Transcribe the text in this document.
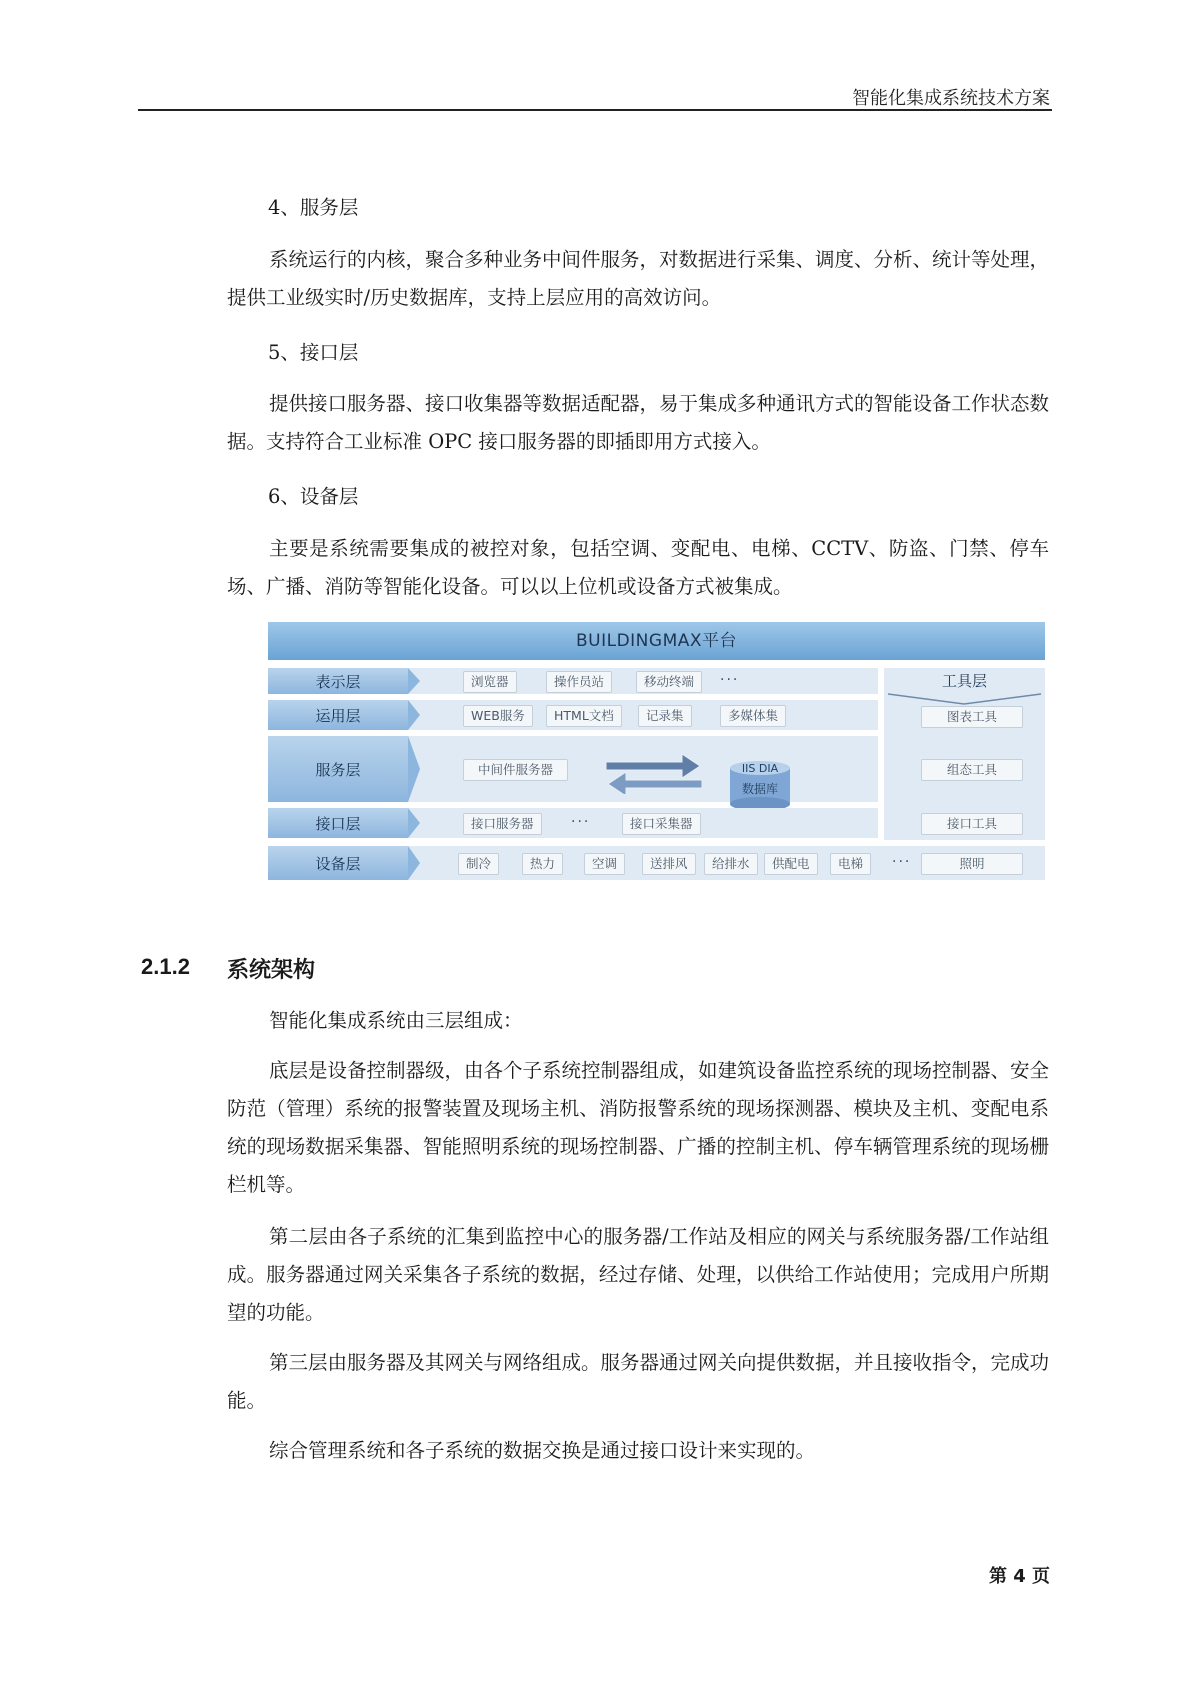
智能化集成系统技术方案
4、服务层

系统运行的内核，聚合多种业务中间件服务，对数据进行采集、调度、分析、统计等处理，提供工业级实时/历史数据库，支持上层应用的高效访问。

5、接口层

提供接口服务器、接口收集器等数据适配器，易于集成多种通讯方式的智能设备工作状态数据。支持符合工业标准 OPC 接口服务器的即插即用方式接入。

6、设备层

主要是系统需要集成的被控对象，包括空调、变配电、电梯、CCTV、防盗、门禁、停车场、广播、消防等智能化设备。可以以上位机或设备方式被集成。

BUILDINGMAX平台
表示层	浏览器	操作员站	移动终端	···
运用层	WEB服务	HTML文档	记录集	多媒体集
服务层	中间件服务器	IIS DIA
数据库
接口层	接口服务器	···	接口采集器
设备层	制冷	热力	空调	送排风	给排水	供配电	电梯	···
工具层
图表工具
组态工具
接口工具
照明
2.1.2 系统架构

智能化集成系统由三层组成：

底层是设备控制器级，由各个子系统控制器组成，如建筑设备监控系统的现场控制器、安全防范（管理）系统的报警装置及现场主机、消防报警系统的现场探测器、模块及主机、变配电系统的现场数据采集器、智能照明系统的现场控制器、广播的控制主机、停车辆管理系统的现场栅栏机等。

第二层由各子系统的汇集到监控中心的服务器/工作站及相应的网关与系统服务器/工作站组成。服务器通过网关采集各子系统的数据，经过存储、处理，以供给工作站使用；完成用户所期望的功能。

第三层由服务器及其网关与网络组成。服务器通过网关向提供数据，并且接收指令，完成功能。

综合管理系统和各子系统的数据交换是通过接口设计来实现的。

第 4 页
